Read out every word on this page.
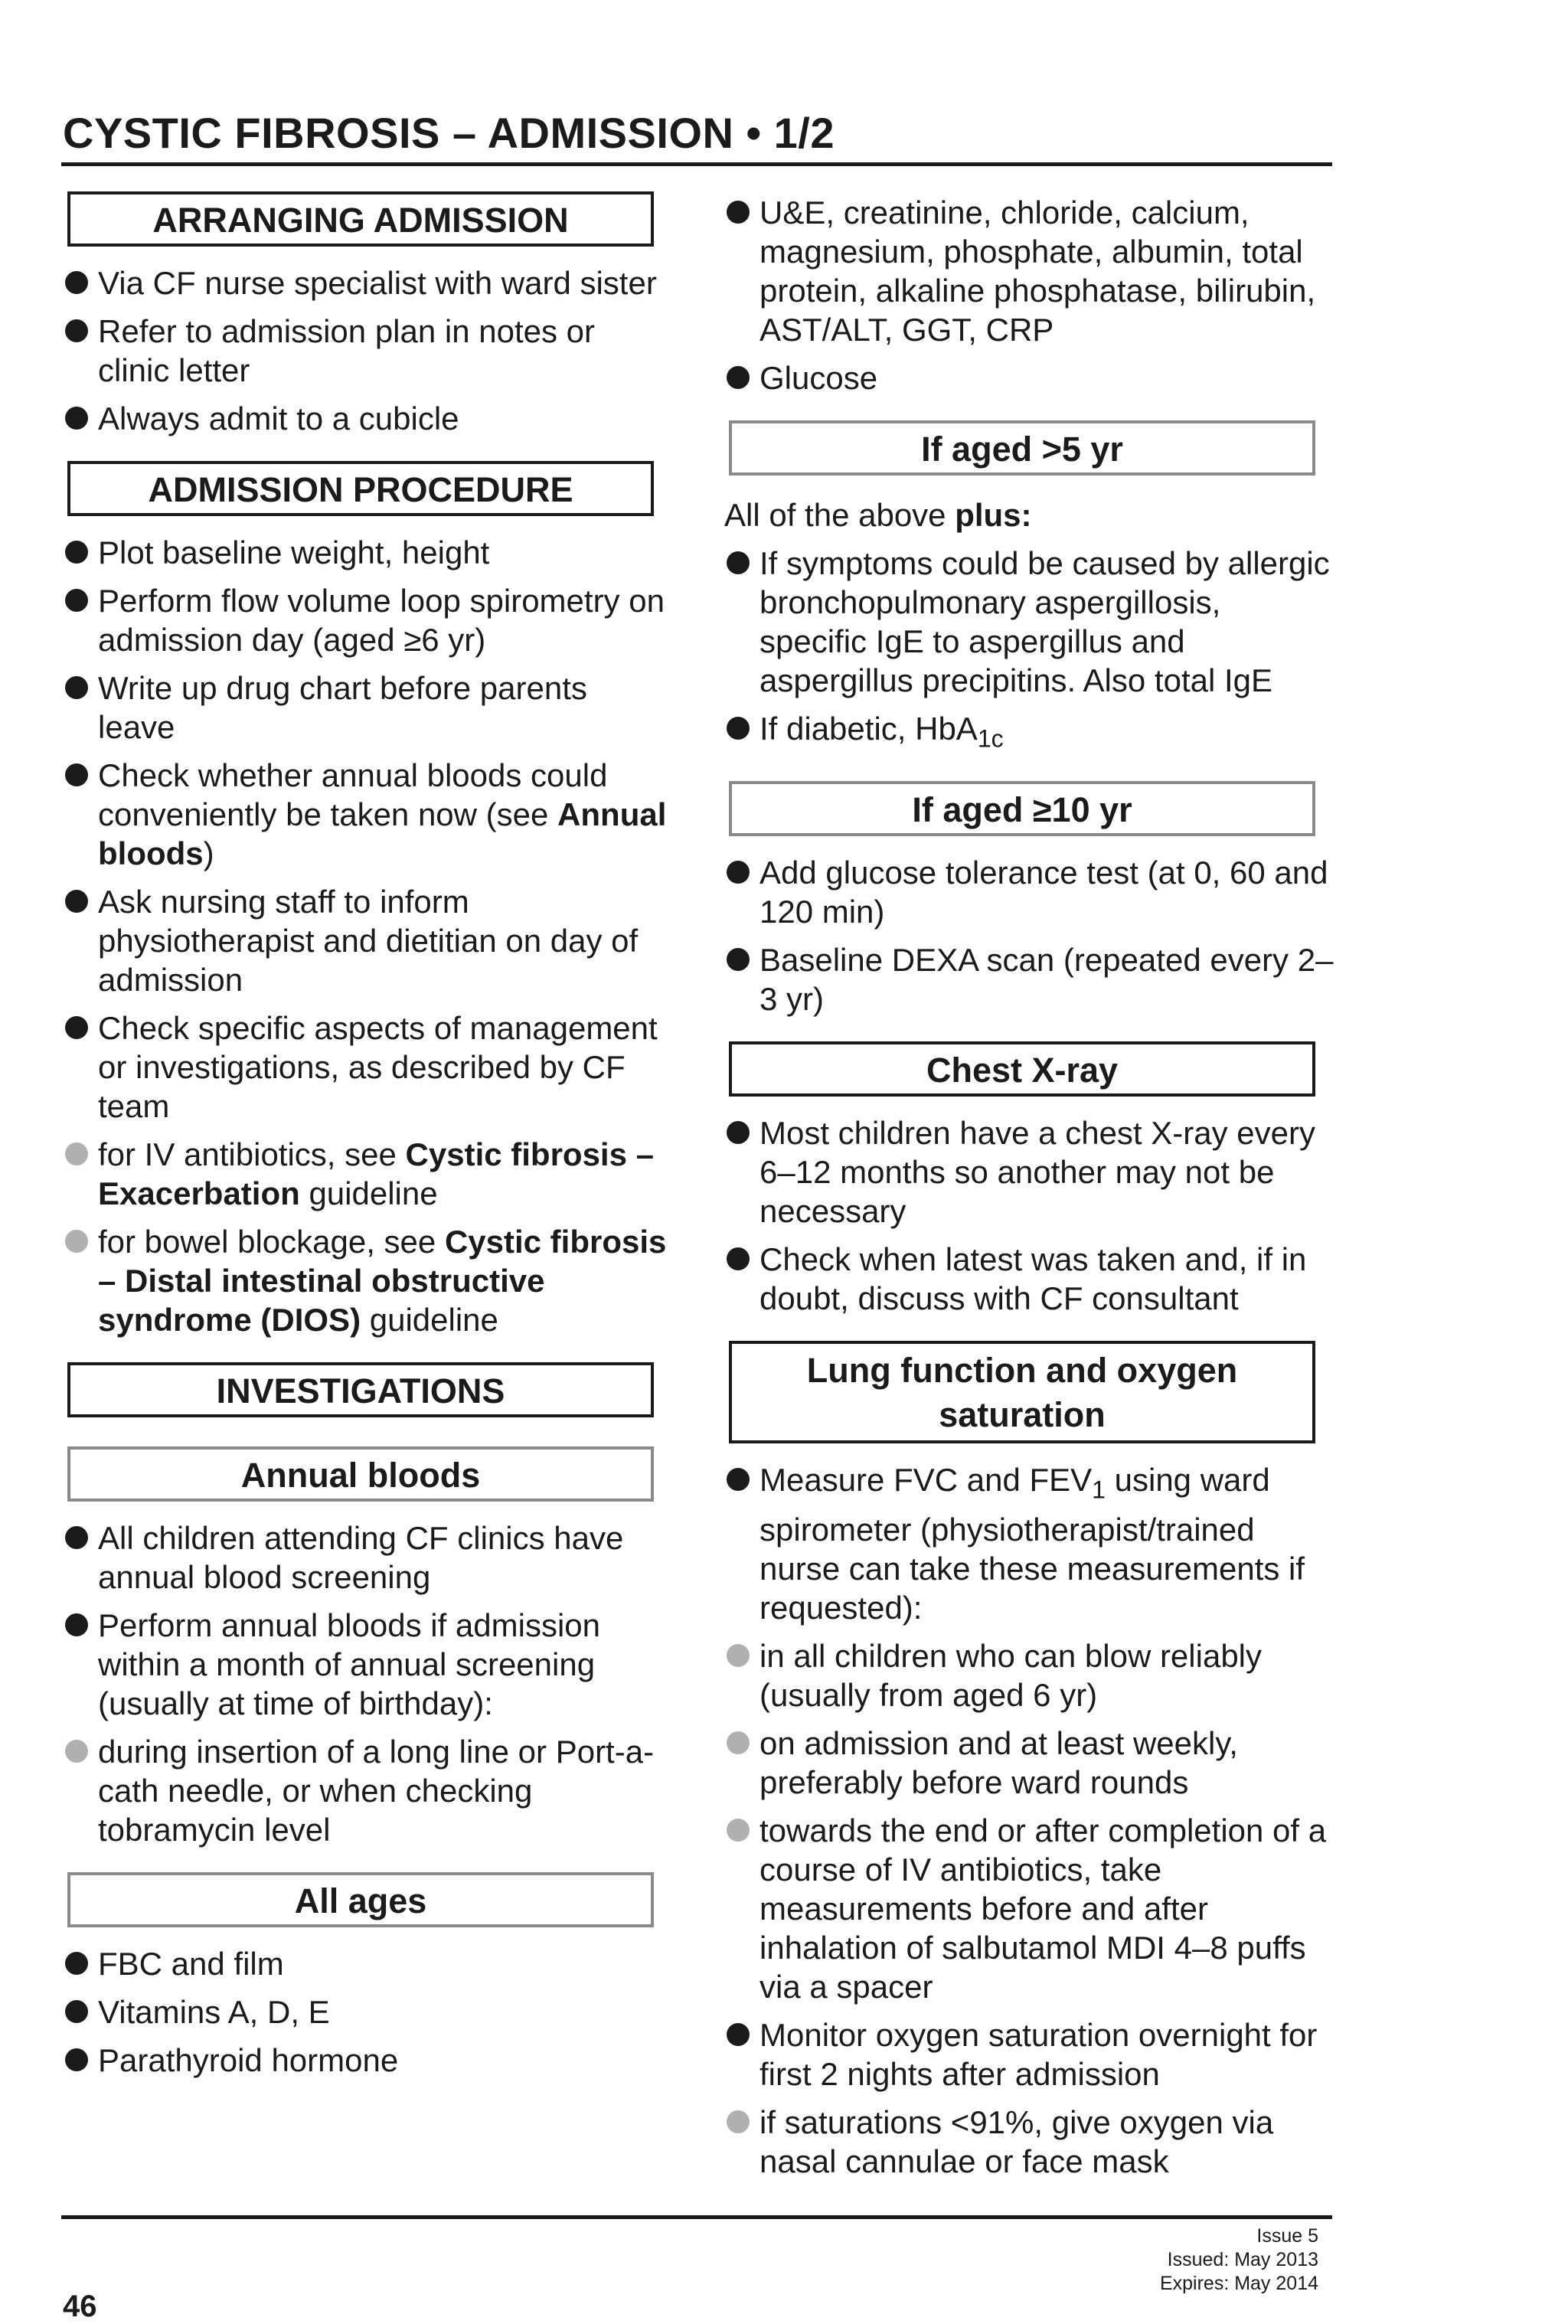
CYSTIC FIBROSIS – ADMISSION • 1/2
ARRANGING ADMISSION
Via CF nurse specialist with ward sister
Refer to admission plan in notes or clinic letter
Always admit to a cubicle
ADMISSION PROCEDURE
Plot baseline weight, height
Perform flow volume loop spirometry on admission day (aged ≥6 yr)
Write up drug chart before parents leave
Check whether annual bloods could conveniently be taken now (see Annual bloods)
Ask nursing staff to inform physiotherapist and dietitian on day of admission
Check specific aspects of management or investigations, as described by CF team
for IV antibiotics, see Cystic fibrosis – Exacerbation guideline
for bowel blockage, see Cystic fibrosis – Distal intestinal obstructive syndrome (DIOS) guideline
INVESTIGATIONS
Annual bloods
All children attending CF clinics have annual blood screening
Perform annual bloods if admission within a month of annual screening (usually at time of birthday):
during insertion of a long line or Port-a-cath needle, or when checking tobramycin level
All ages
FBC and film
Vitamins A, D, E
Parathyroid hormone
U&E, creatinine, chloride, calcium, magnesium, phosphate, albumin, total protein, alkaline phosphatase, bilirubin, AST/ALT, GGT, CRP
Glucose
If aged >5 yr
All of the above plus:
If symptoms could be caused by allergic bronchopulmonary aspergillosis, specific IgE to aspergillus and aspergillus precipitins. Also total IgE
If diabetic, HbA$_{1c}$
If aged ≥10 yr
Add glucose tolerance test (at 0, 60 and 120 min)
Baseline DEXA scan (repeated every 2–3 yr)
Chest X-ray
Most children have a chest X-ray every 6–12 months so another may not be necessary
Check when latest was taken and, if in doubt, discuss with CF consultant
Lung function and oxygen saturation
Measure FVC and $FEV_1$ using ward spirometer (physiotherapist/trained nurse can take these measurements if requested):
in all children who can blow reliably (usually from aged 6 yr)
on admission and at least weekly, preferably before ward rounds
towards the end or after completion of a course of IV antibiotics, take measurements before and after inhalation of salbutamol MDI 4–8 puffs via a spacer
Monitor oxygen saturation overnight for first 2 nights after admission
if saturations <91%, give oxygen via nasal cannulae or face mask
46
Issue 5
Issued: May 2013
Expires: May 2014
